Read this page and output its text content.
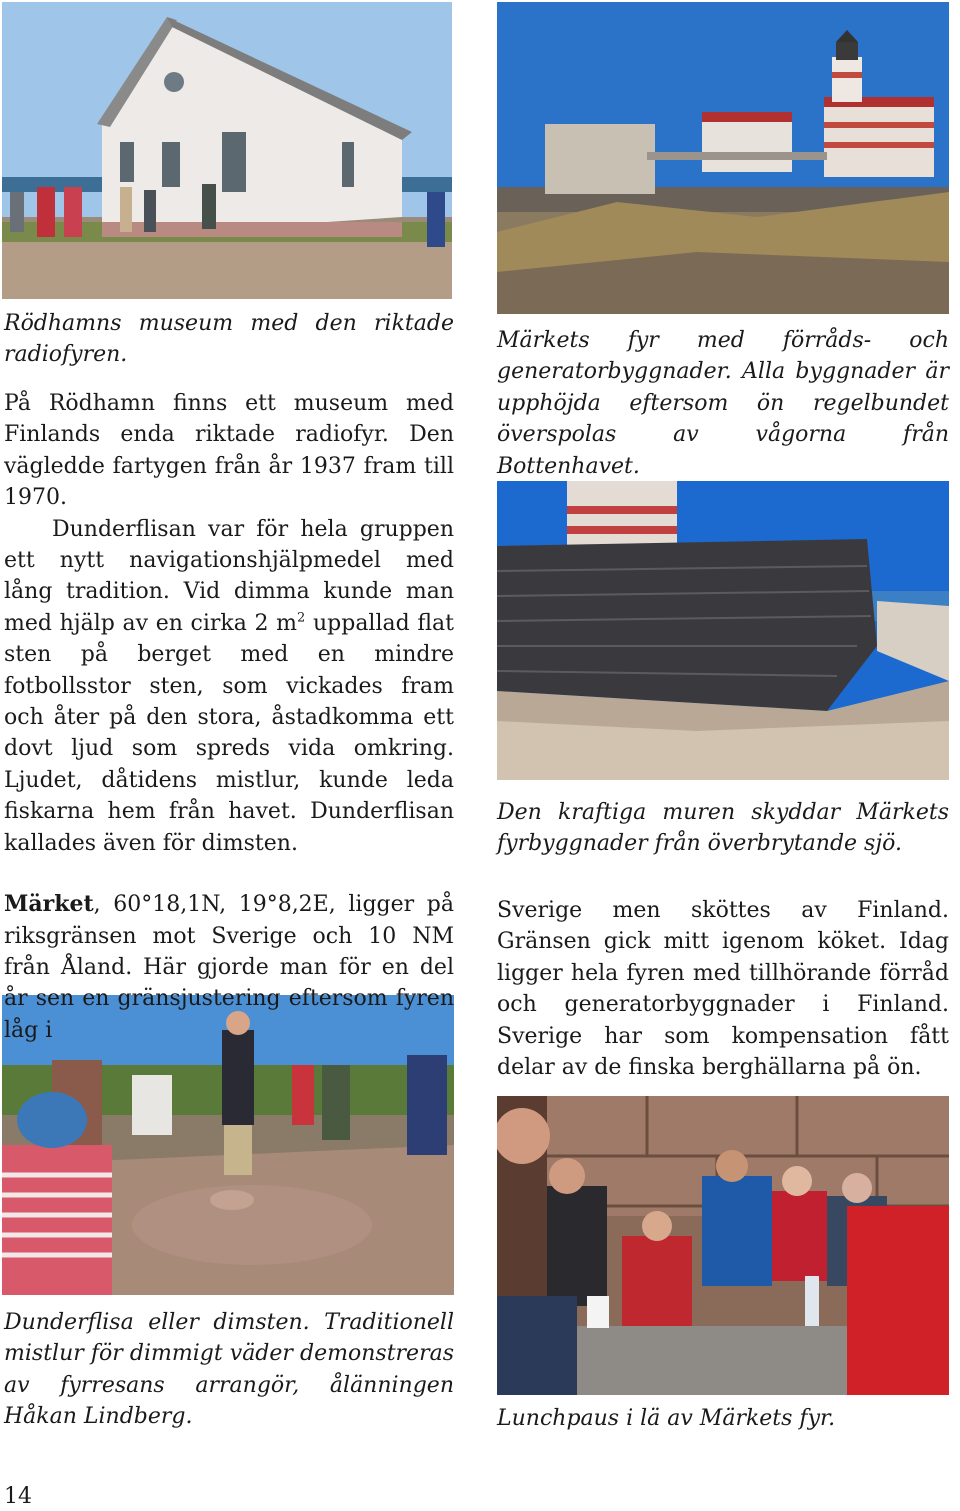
Rödhamns museum med den riktade radiofyren.

På Rödhamn finns ett museum med Finlands enda riktade radiofyr. Den vägledde fartygen från år 1937 fram till 1970.

Dunderflisan var för hela gruppen ett nytt navigationshjälpmedel med lång tradition. Vid dimma kunde man med hjälp av en cirka 2 $m^2$ uppallad flat sten på berget med en mindre fotbollsstor sten, som vickades fram och åter på den stora, åstadkomma ett dovt ljud som spreds vida omkring. Ljudet, dåtidens mistlur, kunde leda fiskarna hem från havet. Dunderflisan kallades även för dimsten.

Märket, 60°18,1N, 19°8,2E, ligger på riksgränsen mot Sverige och 10 NM från Åland. Här gjorde man för en del år sen en gränsjustering eftersom fyren låg i

Dunderflisa eller dimsten. Traditionell mistlur för dimmigt väder demonstreras av fyrresans arrangör, ålänningen Håkan Lindberg.
Märkets fyr med förråds- och generatorbyggnader. Alla byggnader är upphöjda eftersom ön regelbundet överspolas av vågorna från Bottenhavet.
Den kraftiga muren skyddar Märkets fyrbyggnader från överbrytande sjö.
Sverige men sköttes av Finland. Gränsen gick mitt igenom köket. Idag ligger hela fyren med tillhörande förråd och generatorbyggnader i Finland. Sverige har som kompensation fått delar av de finska berghällarna på ön.
Lunchpaus i lä av Märkets fyr.
14
